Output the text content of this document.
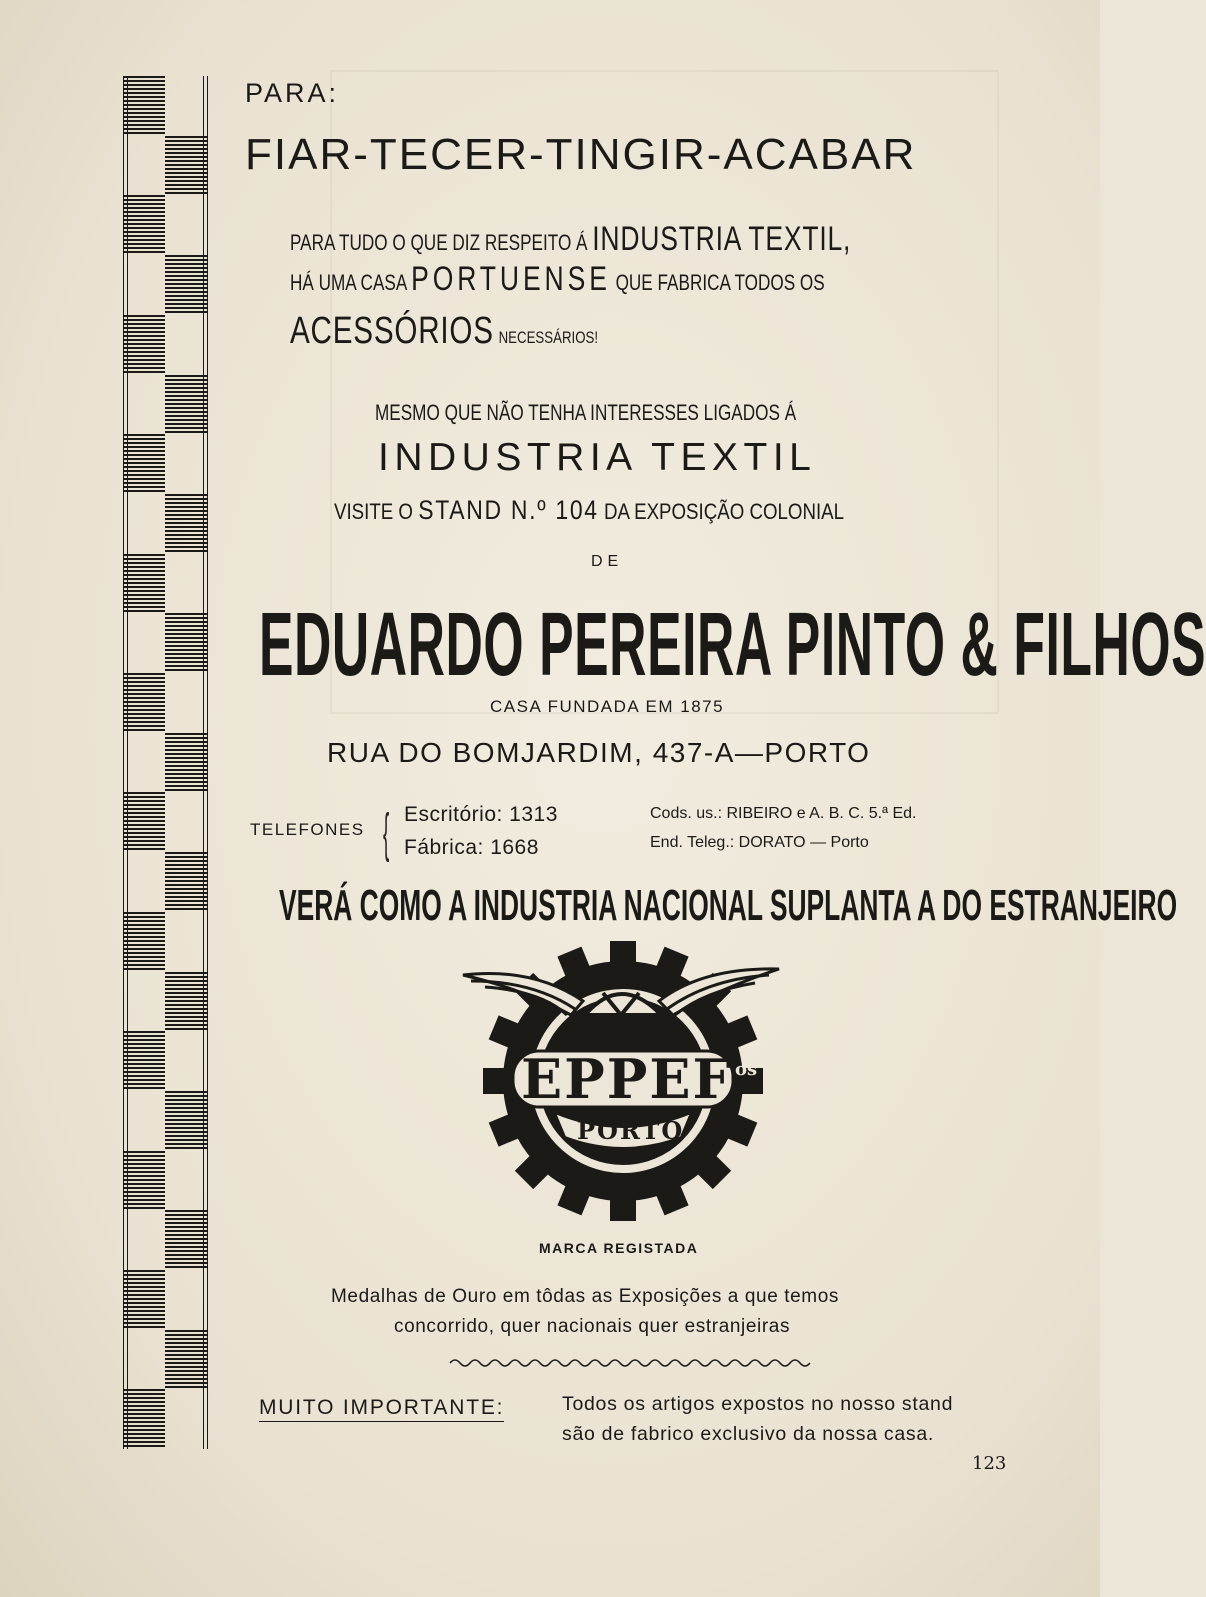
PARA:
FIAR-TECER-TINGIR-ACABAR
PARA TUDO O QUE DIZ RESPEITO Á INDUSTRIA TEXTIL,
HÁ UMA CASA PORTUENSE QUE FABRICA TODOS OS
ACESSÓRIOS NECESSÁRIOS!
MESMO QUE NÃO TENHA INTERESSES LIGADOS Á
INDUSTRIA TEXTIL
VISITE O STAND N.º 104 DA EXPOSIÇÃO COLONIAL
DE
EDUARDO PEREIRA PINTO & FILHOS
CASA FUNDADA EM 1875
RUA DO BOMJARDIM, 437-A—PORTO
TELEFONES { Escritório: 1313
Fábrica: 1668
Cods. us.: RIBEIRO e A. B. C. 5.ª Ed.
End. Teleg.: DORATO — Porto
VERÁ COMO A INDUSTRIA NACIONAL SUPLANTA A DO ESTRANJEIRO
EPPEF os
PORTO
MARCA REGISTADA
Medalhas de Ouro em tôdas as Exposições a que temos
concorrido, quer nacionais quer estranjeiras
MUITO IMPORTANTE:	Todos os artigos expostos no nosso stand
são de fabrico exclusivo da nossa casa.
123
